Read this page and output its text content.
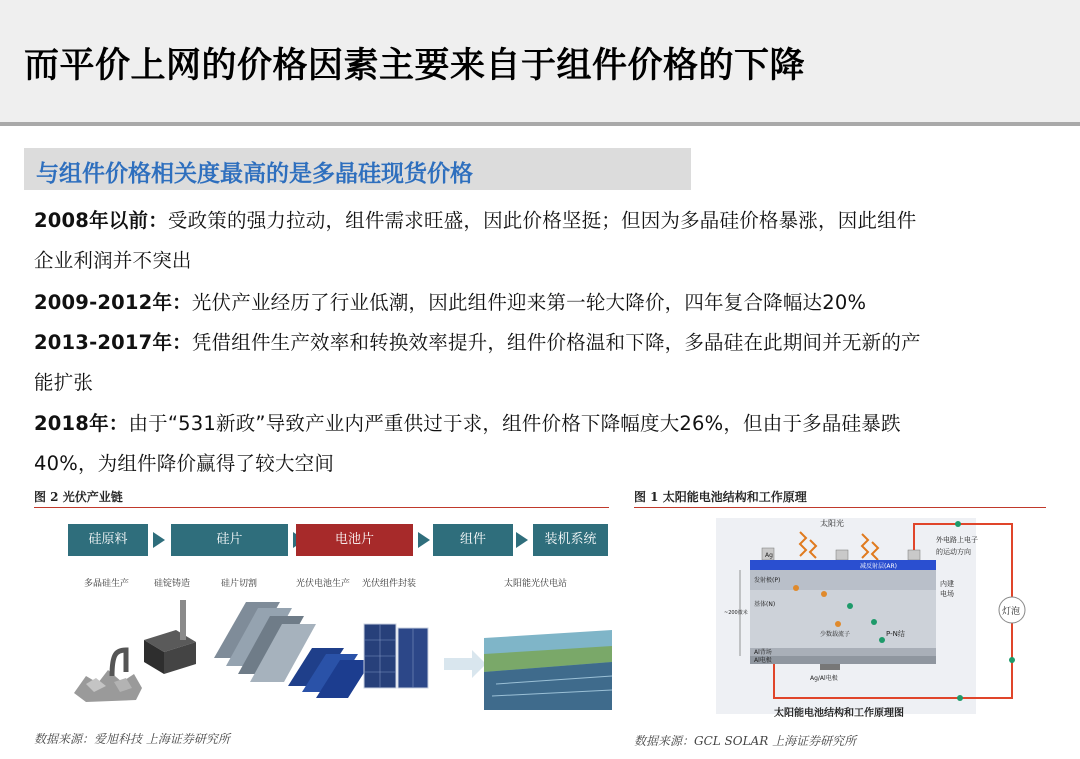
而平价上网的价格因素主要来自于组件价格的下降
与组件价格相关度最高的是多晶硅现货价格
2008年以前：受政策的强力拉动，组件需求旺盛，因此价格坚挺；但因为多晶硅价格暴涨，因此组件
企业利润并不突出
2009-2012年：光伏产业经历了行业低潮，因此组件迎来第一轮大降价，四年复合降幅达20%
2013-2017年：凭借组件生产效率和转换效率提升，组件价格温和下降，多晶硅在此期间并无新的产
能扩张
2018年：由于“531新政”导致产业内严重供过于求，组件价格下降幅度大26%，但由于多晶硅暴跌
40%，为组件降价赢得了较大空间
图 2 光伏产业链
硅原料	硅片	电池片	组件	装机系统
多晶硅生产	硅锭铸造	硅片切割	光伏电池生产 光伏组件封装	太阳能光伏电站
数据来源：爱旭科技 上海证券研究所
图 1 太阳能电池结构和工作原理
太阳光
Ag
减反射层(AR)
发射极(P)
基体(N)
P-N结
少数载流子
Al背场
Al电极
Ag/Al电极
~200微米
内建
电场
外电路上电子
的运动方向
灯泡
太阳能电池结构和工作原理图
数据来源：GCL SOLAR 上海证券研究所
